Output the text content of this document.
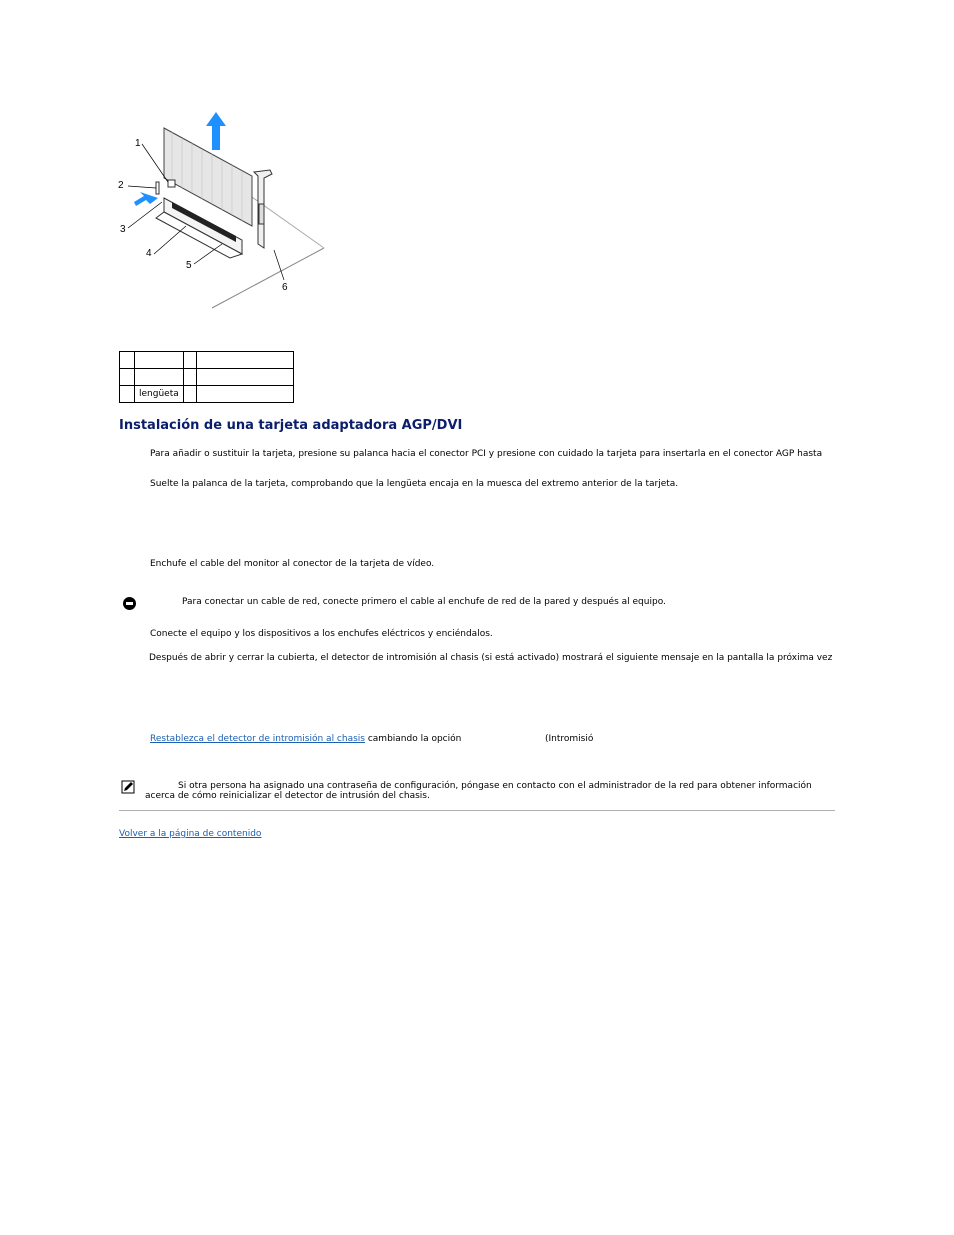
1
2
3
4
5
6

	lengüeta		
Instalación de una tarjeta adaptadora AGP/DVI

Para añadir o sustituir la tarjeta, presione su palanca hacia el conector PCI y presione con cuidado la tarjeta para insertarla en el conector AGP hasta

Suelte la palanca de la tarjeta, comprobando que la lengüeta encaja en la muesca del extremo anterior de la tarjeta.

Enchufe el cable del monitor al conector de la tarjeta de vídeo.

Para conectar un cable de red, conecte primero el cable al enchufe de red de la pared y después al equipo.

Conecte el equipo y los dispositivos a los enchufes eléctricos y enciéndalos.

Después de abrir y cerrar la cubierta, el detector de intromisión al chasis (si está activado) mostrará el siguiente mensaje en la pantalla la próxima vez

Restablezca el detector de intromisión al chasis cambiando la opción	(Intromisió

Si otra persona ha asignado una contraseña de configuración, póngase en contacto con el administrador de la red para obtener información

acerca de cómo reinicializar el detector de intrusión del chasis.

Volver a la página de contenido
